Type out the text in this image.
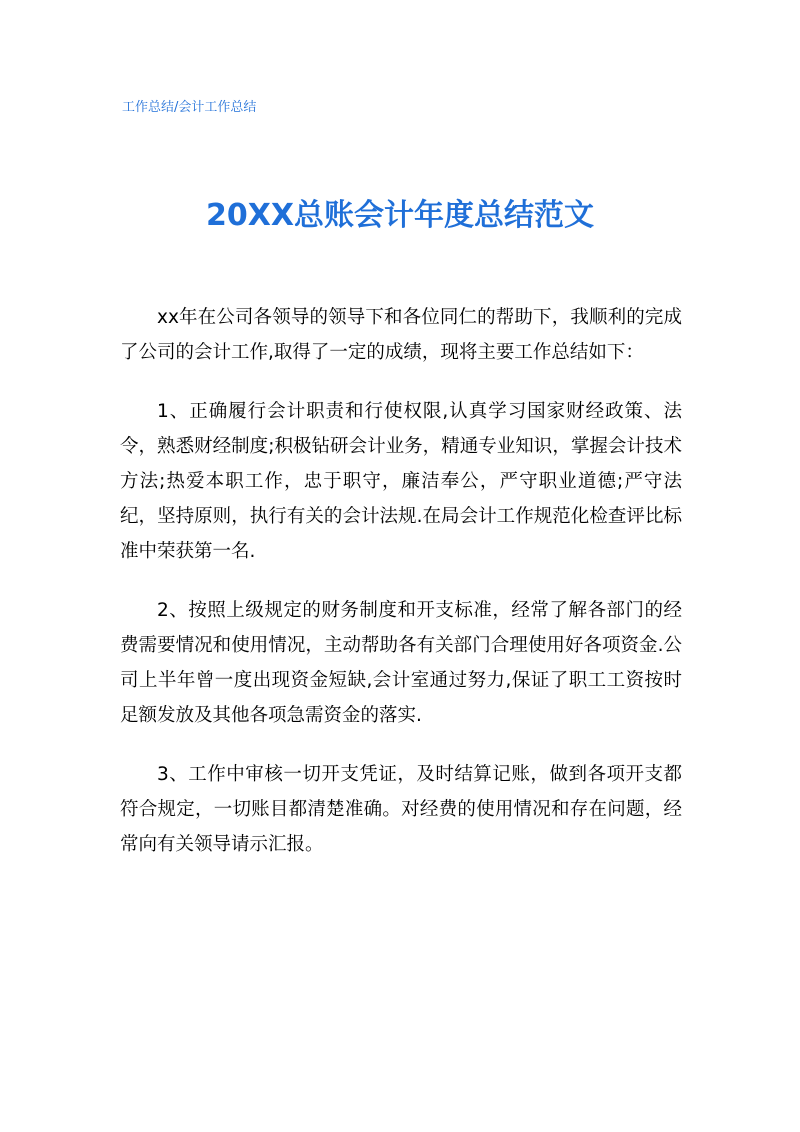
工作总结/会计工作总结
20XX总账会计年度总结范文

xx年在公司各领导的领导下和各位同仁的帮助下，我顺利的完成了公司的会计工作,取得了一定的成绩，现将主要工作总结如下：

1、正确履行会计职责和行使权限,认真学习国家财经政策、法令，熟悉财经制度;积极钻研会计业务，精通专业知识，掌握会计技术方法;热爱本职工作，忠于职守，廉洁奉公，严守职业道德;严守法纪，坚持原则，执行有关的会计法规.在局会计工作规范化检查评比标准中荣获第一名.

2、按照上级规定的财务制度和开支标准，经常了解各部门的经费需要情况和使用情况，主动帮助各有关部门合理使用好各项资金.公司上半年曾一度出现资金短缺,会计室通过努力,保证了职工工资按时足额发放及其他各项急需资金的落实.

3、工作中审核一切开支凭证，及时结算记账，做到各项开支都符合规定，一切账目都清楚准确。对经费的使用情况和存在问题，经常向有关领导请示汇报。
